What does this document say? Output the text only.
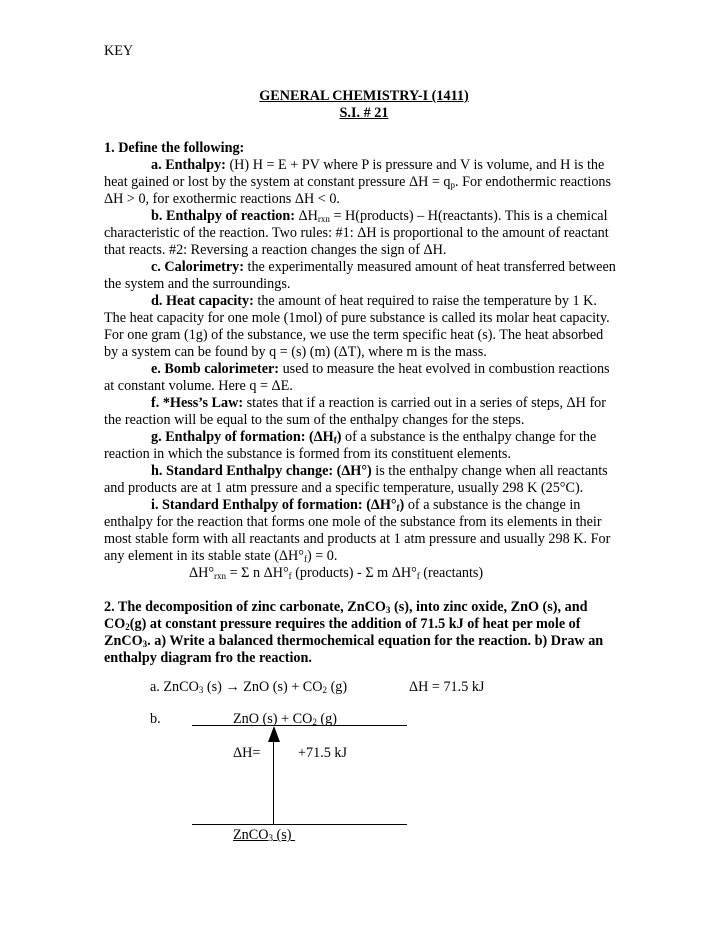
KEY
GENERAL CHEMISTRY-I (1411)
S.I. # 21
1. Define the following:
a. Enthalpy: (H) H = E + PV where P is pressure and V is volume, and H is the
heat gained or lost by the system at constant pressure $\Delta H = q_p$. For endothermic reactions
ΔH > 0, for exothermic reactions ΔH < 0.
b. Enthalpy of reaction: $\Delta H_{rxn}$ = H(products) – H(reactants). This is a chemical
characteristic of the reaction. Two rules: #1: ΔH is proportional to the amount of reactant
that reacts. #2: Reversing a reaction changes the sign of ΔH.
c. Calorimetry: the experimentally measured amount of heat transferred between
the system and the surroundings.
d. Heat capacity: the amount of heat required to raise the temperature by 1 K.
The heat capacity for one mole (1mol) of pure substance is called its molar heat capacity.
For one gram (1g) of the substance, we use the term specific heat (s). The heat absorbed
by a system can be found by q = (s) (m) (ΔT), where m is the mass.
e. Bomb calorimeter: used to measure the heat evolved in combustion reactions
at constant volume. Here q = ΔE.
f. *Hess’s Law: states that if a reaction is carried out in a series of steps, ΔH for
the reaction will be equal to the sum of the enthalpy changes for the steps.
g. Enthalpy of formation: $(\Delta H_f)$ of a substance is the enthalpy change for the
reaction in which the substance is formed from its constituent elements.
h. Standard Enthalpy change: (ΔH°) is the enthalpy change when all reactants
and products are at 1 atm pressure and a specific temperature, usually 298 K (25°C).
i. Standard Enthalpy of formation: $(\Delta H^\circ_f)$ of a substance is the change in
enthalpy for the reaction that forms one mole of the substance from its elements in their
most stable form with all reactants and products at 1 atm pressure and usually 298 K. For
any element in its stable state $(\Delta H^\circ_f) = 0$.
$\Delta H^\circ_{rxn} = \Sigma$ n $\Delta H^\circ_f$ (products) - Σ m $\Delta H^\circ_f$ (reactants)
2. The decomposition of zinc carbonate, ZnCO$_3$ (s), into zinc oxide, ZnO (s), and
$CO_2(g)$ at constant pressure requires the addition of 71.5 kJ of heat per mole of
ZnCO$_3$. a) Write a balanced thermochemical equation for the reaction. b) Draw an
enthalpy diagram fro the reaction.
a. ZnCO$_3$ (s) → ZnO $(s) + CO_2$ (g)	ΔH = 71.5 kJ
b.	ZnO $(s) + CO_2$ (g)
ΔH=	+71.5 kJ
ZnCO$_3$ (s)
